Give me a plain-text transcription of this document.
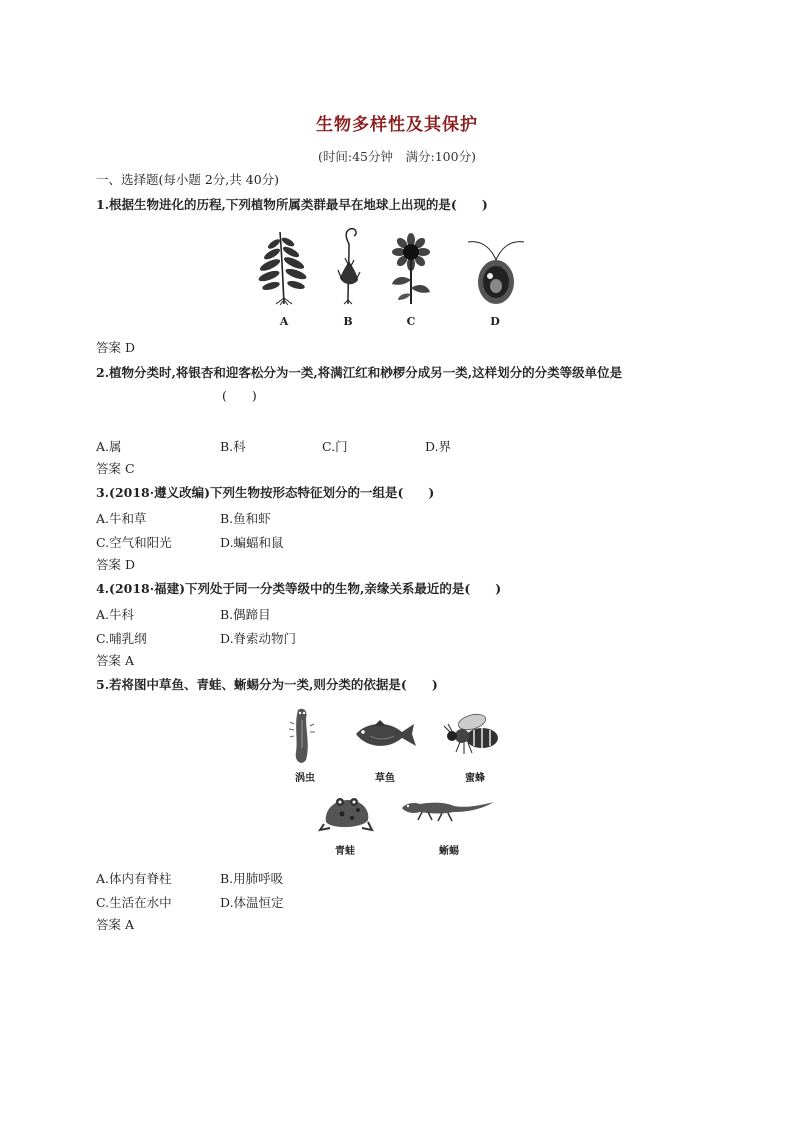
生物多样性及其保护
(时间:45分钟　满分:100分)
一、选择题(每小题 2分,共 40分)
1.根据生物进化的历程,下列植物所属类群最早在地球上出现的是(　　)
A	B	C	D
答案 D
2.植物分类时,将银杏和迎客松分为一类,将满江红和桫椤分成另一类,这样划分的分类等级单位是
(　　)
A.属	B.科	C.门	D.界
答案 C
3.(2018·遵义改编)下列生物按形态特征划分的一组是(　　)
A.牛和草	B.鱼和虾
C.空气和阳光	D.蝙蝠和鼠
答案 D
4.(2018·福建)下列处于同一分类等级中的生物,亲缘关系最近的是(　　)
A.牛科	B.偶蹄目
C.哺乳纲	D.脊索动物门
答案 A
5.若将图中草鱼、青蛙、蜥蜴分为一类,则分类的依据是(　　)
涡虫	草鱼	蜜蜂
青蛙	蜥蜴
A.体内有脊柱	B.用肺呼吸
C.生活在水中	D.体温恒定
答案 A
